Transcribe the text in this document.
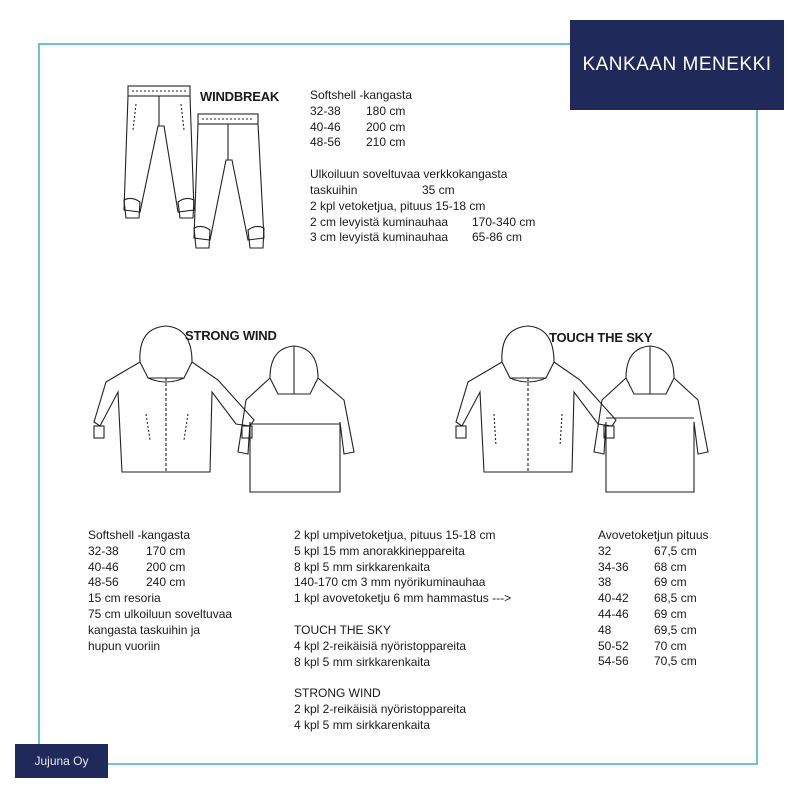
KANKAAN MENEKKI
Jujuna Oy
WINDBREAK	Softshell -kangasta
32-38 180 cm
40-46 200 cm
48-56 210 cm
Ulkoiluun soveltuvaa verkkokangasta
taskuihin	35 cm
2 kpl vetoketjua, pituus 15-18 cm
2 cm levyistä kuminauhaa 170-340 cm
3 cm levyistä kuminauhaa 65-86 cm
STRONG WIND	TOUCH THE SKY
Softshell -kangasta
32-38 170 cm
40-46 200 cm
48-56 240 cm
15 cm resoria
75 cm ulkoiluun soveltuvaa
kangasta taskuihin ja
hupun vuoriin
2 kpl umpivetoketjua, pituus 15-18 cm
5 kpl 15 mm anorakkineppareita
8 kpl 5 mm sirkkarenkaita
140-170 cm 3 mm nyörikuminauhaa
1 kpl avovetoketju 6 mm hammastus --->
TOUCH THE SKY
4 kpl 2-reikäisiä nyöristoppareita
8 kpl 5 mm sirkkarenkaita
STRONG WIND
2 kpl 2-reikäisiä nyöristoppareita
4 kpl 5 mm sirkkarenkaita
Avovetoketjun pituus
32	67,5 cm
34-36 68 cm
38	69 cm
40-42 68,5 cm
44-46 69 cm
48	69,5 cm
50-52 70 cm
54-56 70,5 cm
